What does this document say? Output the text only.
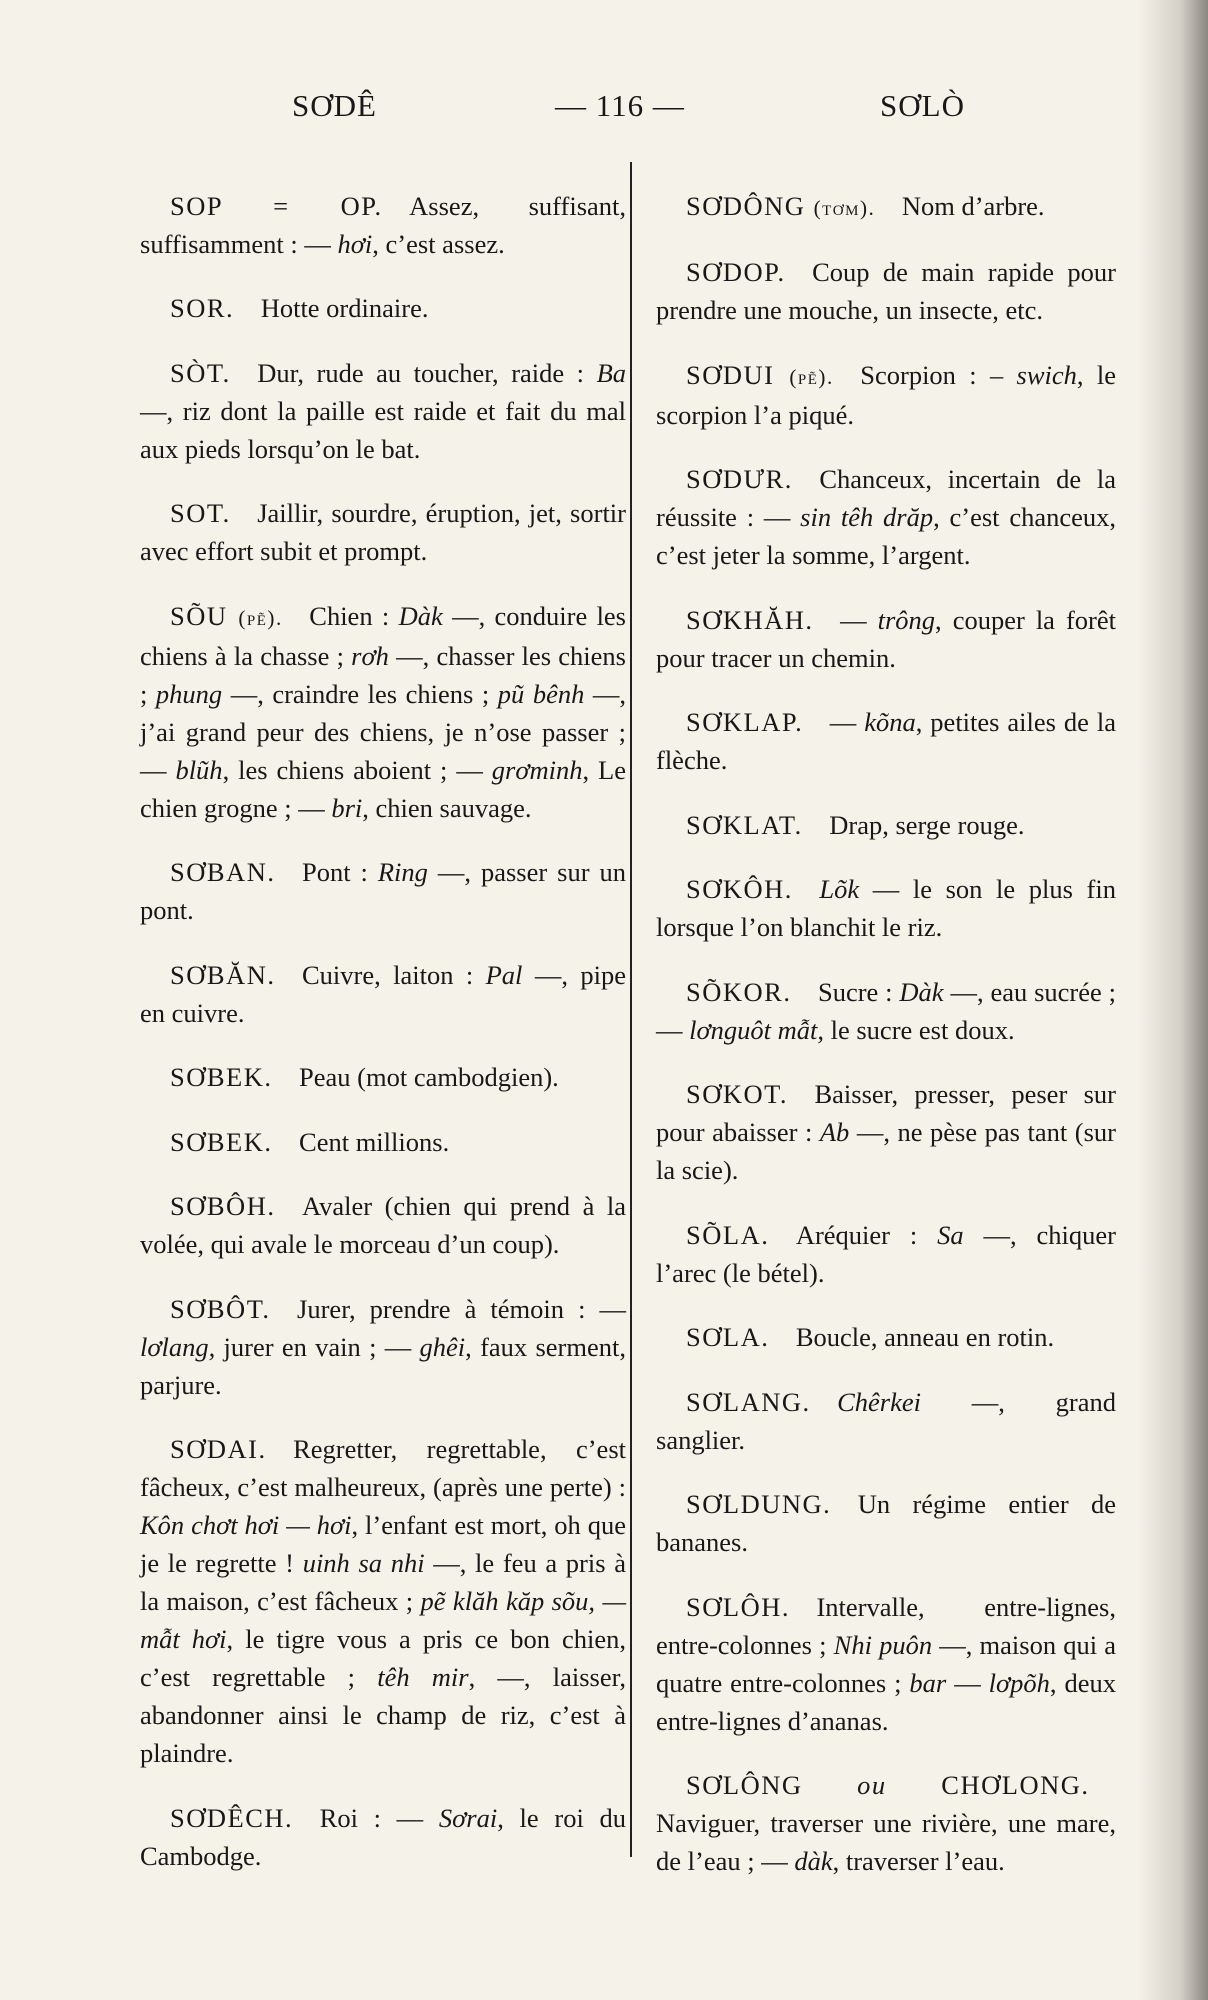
SƠDÊ	— 116 —	SƠLÒ

SOP = OP.  Assez, suffisant, suffisamment : — hơi, c’est assez.

SOR.  Hotte ordinaire.

SÒT.  Dur, rude au toucher, raide : Ba —, riz dont la paille est raide et fait du mal aux pieds lorsqu’on le bat.

SOT.  Jaillir, sourdre, éruption, jet, sortir avec effort subit et prompt.

SÕU (pẽ).  Chien : Dàk —, conduire les chiens à la chasse ; rơh —, chasser les chiens ; phung —, craindre les chiens ; pũ bênh —, j’ai grand peur des chiens, je n’ose passer ; — blũh, les chiens aboient ; — grơminh, Le chien grogne ; — bri, chien sauvage.

SƠBAN.  Pont : Ring —, passer sur un pont.

SƠBĂN.  Cuivre, laiton : Pal —, pipe en cuivre.

SƠBEK.  Peau (mot cambodgien).

SƠBEK.  Cent millions.

SƠBÔH.  Avaler (chien qui prend à la volée, qui avale le morceau d’un coup).

SƠBÔT.  Jurer, prendre à témoin : — lơlang, jurer en vain ; — ghêi, faux serment, parjure.

SƠDAI.  Regretter, regrettable, c’est fâcheux, c’est malheureux, (après une perte) : Kôn chơt hơi — hơi, l’enfant est mort, oh que je le regrette ! uinh sa nhi —, le feu a pris à la maison, c’est fâcheux ; pẽ klăh kăp sõu, — mẫt hơi, le tigre vous a pris ce bon chien, c’est regrettable ; têh mir, —, laisser, abandonner ainsi le champ de riz, c’est à plaindre.

SƠDÊCH.  Roi : — Sơrai, le roi du Cambodge.

SƠDÔNG (tơm).  Nom d’arbre.

SƠDOP.  Coup de main rapide pour prendre une mouche, un insecte, etc.

SƠDUI (pẽ).  Scorpion : – swich, le scorpion l’a piqué.

SƠDƯR.  Chanceux, incertain de la réussite : — sin têh drăp, c’est chanceux, c’est jeter la somme, l’argent.

SƠKHĂH.  — trông, couper la forêt pour tracer un chemin.

SƠKLAP.  — kõna, petites ailes de la flèche.

SƠKLAT.  Drap, serge rouge.

SƠKÔH.  Lõk — le son le plus fin lorsque l’on blanchit le riz.

SÕKOR.  Sucre : Dàk —, eau sucrée ; — lơnguôt mẫt, le sucre est doux.

SƠKOT.  Baisser, presser, peser sur pour abaisser : Ab —, ne pèse pas tant (sur la scie).

SÕLA.  Aréquier : Sa —, chiquer l’arec (le bétel).

SƠLA.  Boucle, anneau en rotin.

SƠLANG.  Chêrkei —, grand sanglier.

SƠLDUNG.  Un régime entier de bananes.

SƠLÔH.  Intervalle, entre-lignes, entre-colonnes ; Nhi puôn —, maison qui a quatre entre-colonnes ; bar — lơpõh, deux entre-lignes d’ananas.

SƠLÔNG ou CHƠLONG. Naviguer, traverser une rivière, une mare, de l’eau ; — dàk, traverser l’eau.
